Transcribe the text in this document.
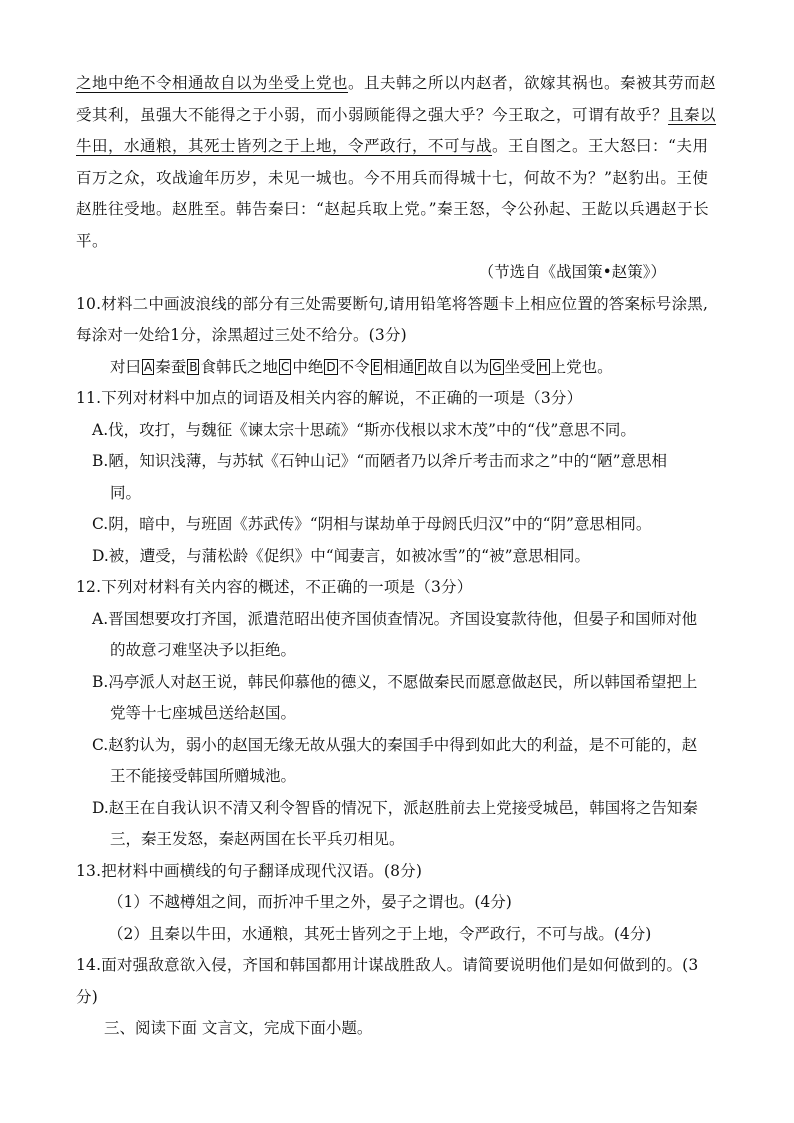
之地中绝不令相通故自以为坐受上党也。且夫韩之所以内赵者，欲嫁其祸也。秦被其劳而赵

受其利，虽强大不能得之于小弱，而小弱顾能得之强大乎？今王取之，可谓有故乎？且秦以

牛田，水通粮，其死士皆列之于上地，令严政行，不可与战。王自图之。王大怒曰：“夫用

百万之众，攻战逾年历岁，未见一城也。今不用兵而得城十七，何故不为？”赵豹出。王使

赵胜往受地。赵胜至。韩告秦曰：“赵起兵取上党。”秦王怒，令公孙起、王龁以兵遇赵于长

平。

（节选自《战国策•赵策》）

10.材料二中画波浪线的部分有三处需要断句,请用铅笔将答题卡上相应位置的答案标号涂黑,

每涂对一处给1分，涂黑超过三处不给分。(3分)

对曰 A 秦蚕 B 食韩氏之地 C 中绝 D 不令 E 相通 F 故自以为 G 坐受 H 上党也。

11.下列对材料中加点的词语及相关内容的解说，不正确的一项是（3分）

A.伐，攻打，与魏征《谏太宗十思疏》“斯亦伐根以求木茂”中的“伐”意思不同。

B.陋，知识浅薄，与苏轼《石钟山记》“而陋者乃以斧斤考击而求之”中的“陋”意思相

同。

C.阴，暗中，与班固《苏武传》“阴相与谋劫单于母阏氏归汉”中的“阴”意思相同。

D.被，遭受，与蒲松龄《促织》中“闻妻言，如被冰雪”的“被”意思相同。

12.下列对材料有关内容的概述，不正确的一项是（3分）

A.晋国想要攻打齐国，派遣范昭出使齐国侦查情况。齐国设宴款待他，但晏子和国师对他

的故意刁难坚决予以拒绝。

B.冯亭派人对赵王说，韩民仰慕他的德义，不愿做秦民而愿意做赵民，所以韩国希望把上

党等十七座城邑送给赵国。

C.赵豹认为，弱小的赵国无缘无故从强大的秦国手中得到如此大的利益，是不可能的，赵

王不能接受韩国所赠城池。

D.赵王在自我认识不清又利令智昏的情况下，派赵胜前去上党接受城邑，韩国将之告知秦

三，秦王发怒，秦赵两国在长平兵刃相见。

13.把材料中画横线的句子翻译成现代汉语。(8分)

（1）不越樽俎之间，而折冲千里之外，晏子之谓也。(4分)

（2）且秦以牛田，水通粮，其死士皆列之于上地，令严政行，不可与战。(4分)

14.面对强敌意欲入侵，齐国和韩国都用计谋战胜敌人。请简要说明他们是如何做到的。(3

分)

三、阅读下面 文言文，完成下面小题。
